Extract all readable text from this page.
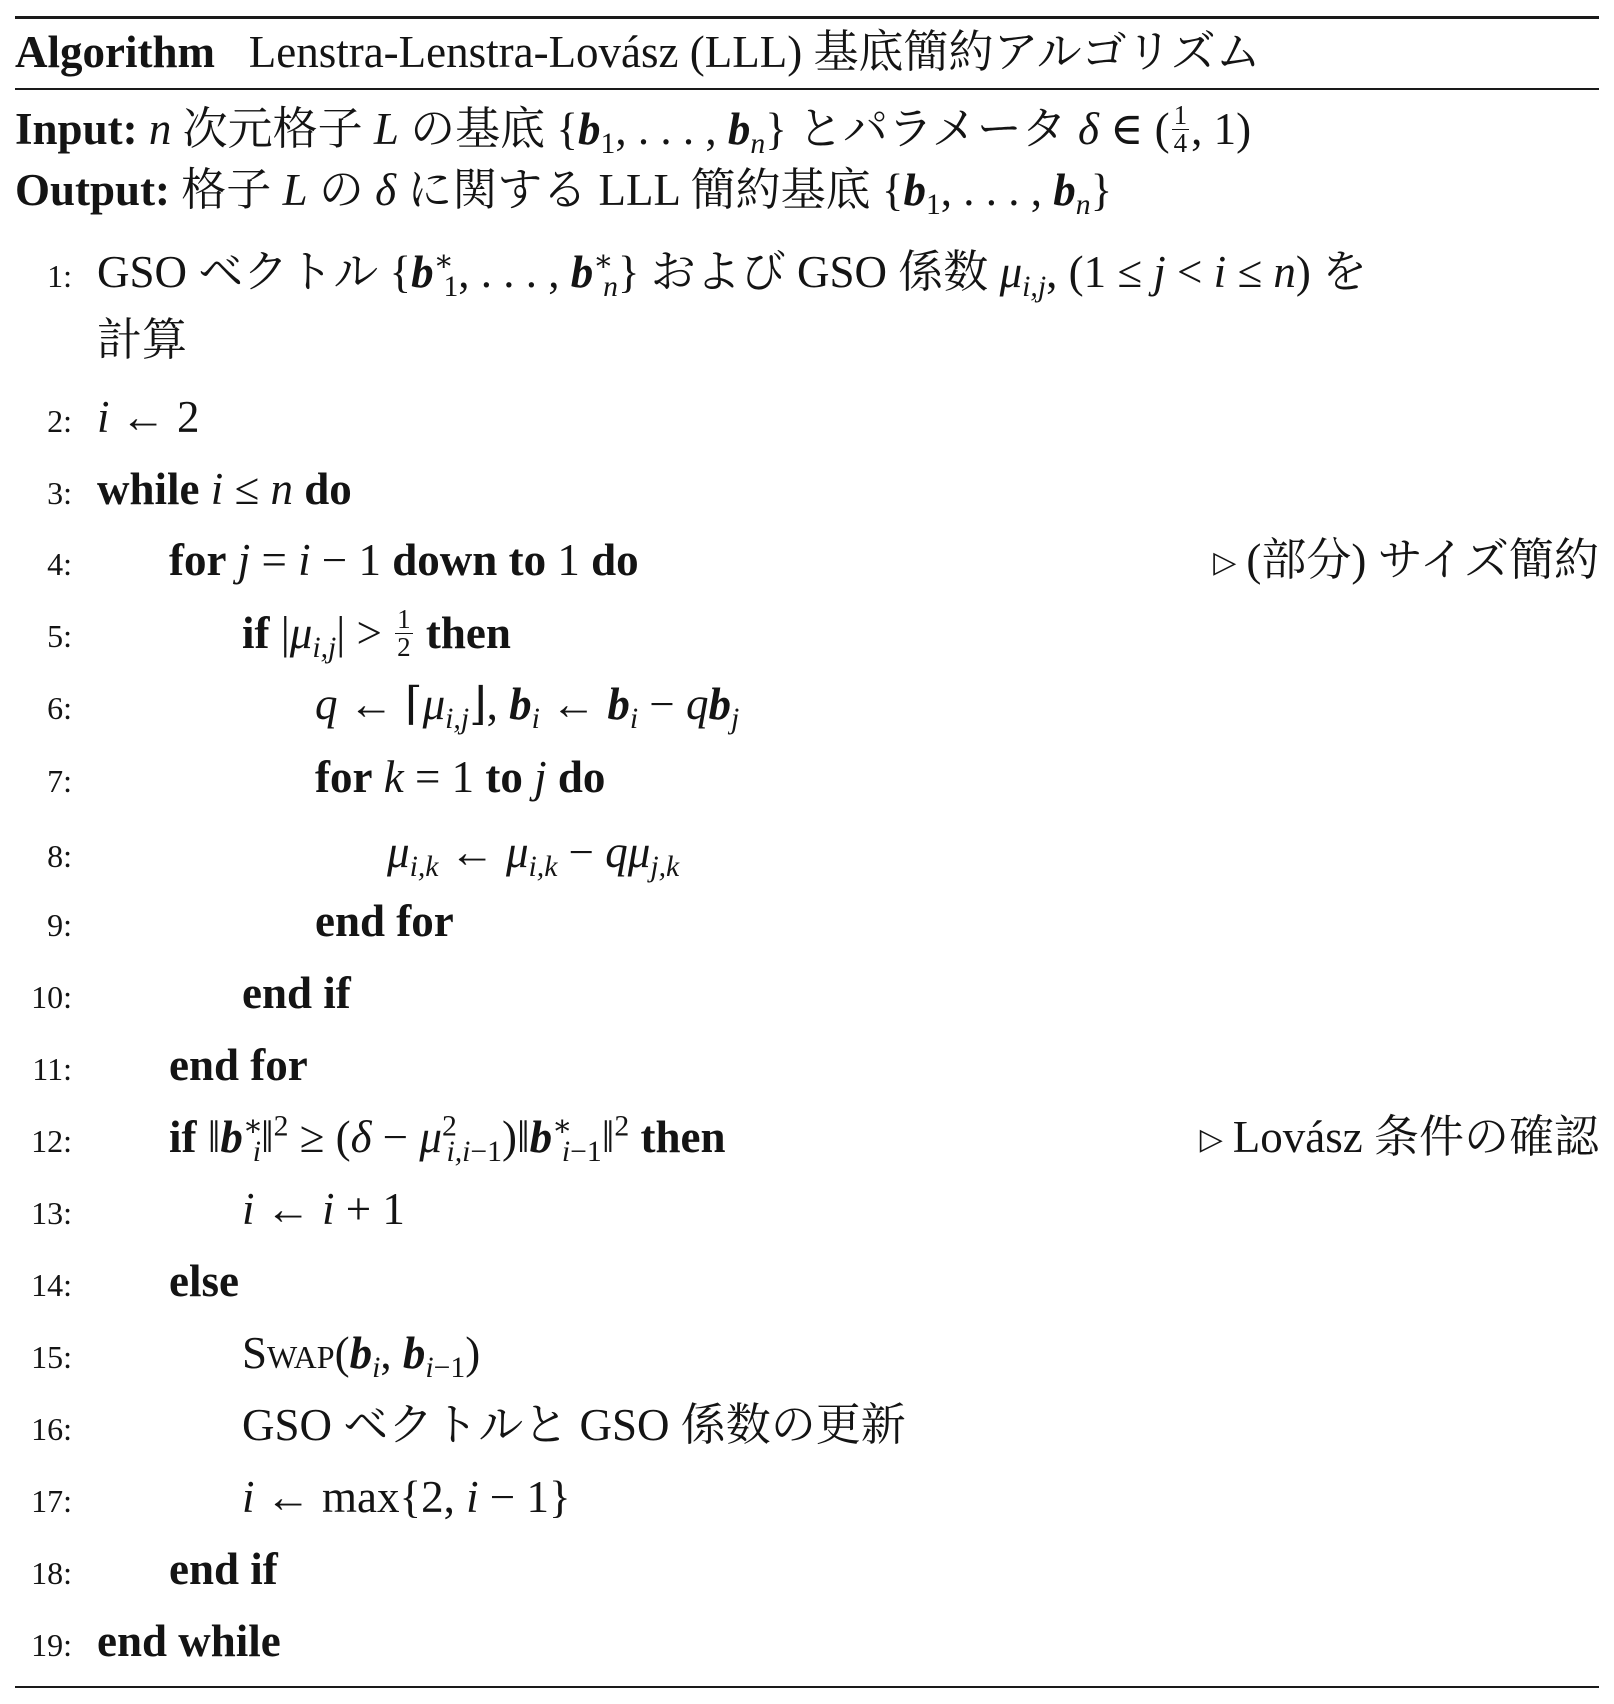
Algorithm Lenstra-Lenstra-Lovász (LLL) 基底簡約アルゴリズム
Input: n 次元格子 L の基底 {$b_1$, . . . , $b_n$} とパラメータ δ ∈ ( $\frac{1}{4}$ , 1)
Output: 格子 L の δ に関する LLL 簡約基底 {$b_1$, . . . , $b_n$}
1: GSO ベクトル {$b^∗_1$, . . . , $b^∗_n$} および GSO 係数 $\mu_{i,j}$, (1 ≤ j < i ≤ n) を
計算
2: i ← 2
3: while i ≤ n do
4: for j = i − 1 down to 1 do	▷ (部分) サイズ簡約
5:	if $|\mu_{i,j}| > \frac{1}{2}$ then
6:	q ← $⌈\mu_{i,j}⌋$, $b_i$ ← $b_i - qb_j$
7:	for k = 1 to j do
8:	$\mu_{i,k}$ ← $\mu_{i,k} - q\mu_{j,k}$
9:	end for
10:	end if
11: end for
12: if $‖b^∗_i‖^2 \ge (\delta$ − $\mu^2_{i,i-1})‖b^∗_{i-1}‖^2$ then	▷ Lovász 条件の確認
13:	i ← i + 1
14: else
15:	$Swap(b_i$, $b_{i-1}$)
16:	GSO ベクトルと GSO 係数の更新
17:	i ← max{2, i − 1}
18: end if
19: end while
